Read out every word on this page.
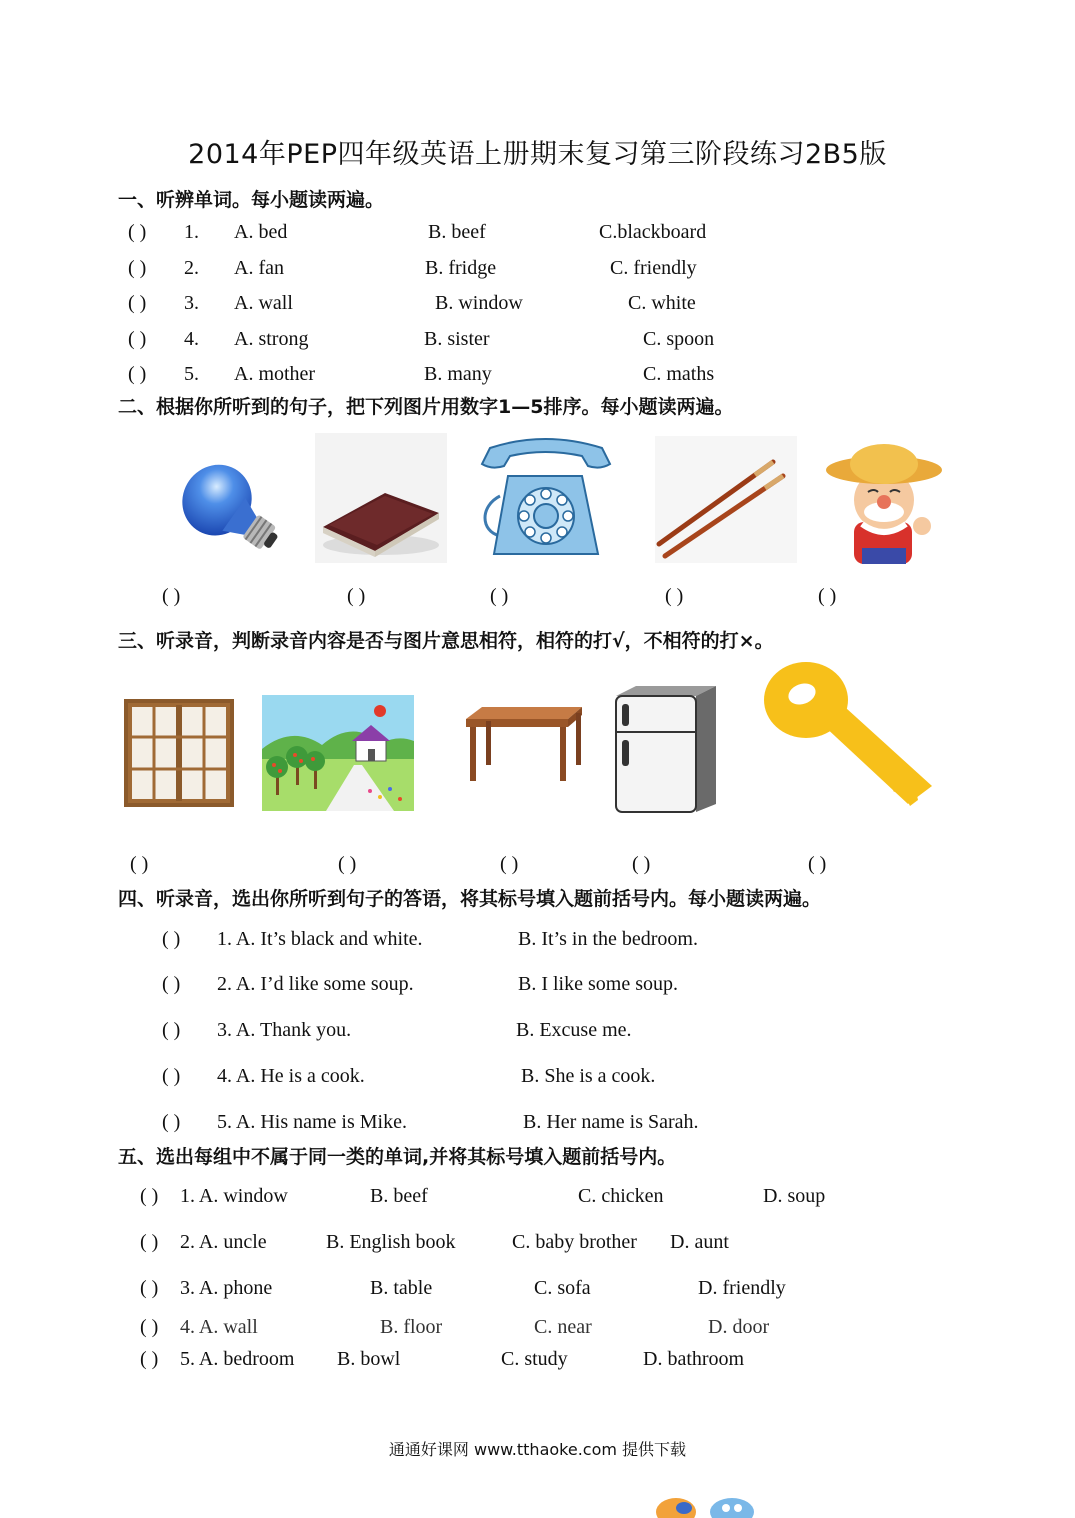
2014年PEP四年级英语上册期末复习第三阶段练习2B5版
一、听辨单词。每小题读两遍。
( ) 1. A. bed	B. beef	C.blackboard
( ) 2. A. fan	B. fridge	C. friendly
( ) 3. A. wall	B. window	C. white
( ) 4. A. strong	B. sister	C. spoon
( ) 5. A. mother	B. many	C. maths
二、根据你所听到的句子，把下列图片用数字1—5排序。每小题读两遍。
( )	( )	( )	( )	( )
三、听录音，判断录音内容是否与图片意思相符，相符的打√，不相符的打×。
( )	( )	( )	( )	( )
四、听录音，选出你所听到句子的答语，将其标号填入题前括号内。每小题读两遍。
( ) 1. A. It’s black and white.	B. It’s in the bedroom.
( ) 2. A. I’d like some soup.	B. I like some soup.
( ) 3. A. Thank you.	B. Excuse me.
( ) 4. A. He is a cook.	B. She is a cook.
( ) 5. A. His name is Mike.	B. Her name is Sarah.
五、选出每组中不属于同一类的单词,并将其标号填入题前括号内。
( ) 1. A. window	B. beef	C. chicken	D. soup
( ) 2. A. uncle	B. English book	C. baby brother D. aunt
( ) 3. A. phone	B. table	C. sofa	D. friendly
( ) 4. A. wall	B. floor	C. near	D. door
( ) 5. A. bedroom B. bowl	C. study	D. bathroom
通通好课网 www.tthaoke.com 提供下载
